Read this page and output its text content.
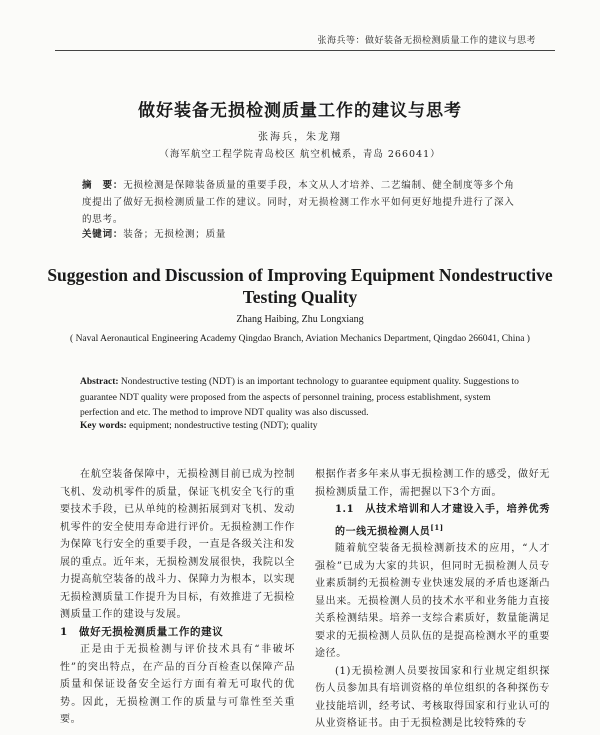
张海兵等：做好装备无损检测质量工作的建议与思考
做好装备无损检测质量工作的建议与思考
张海兵，朱龙翔
（海军航空工程学院青岛校区 航空机械系，青岛 266041）
摘　要：无损检测是保障装备质量的重要手段，本文从人才培养、二艺编制、健全制度等多个角度提出了做好无损检测质量工作的建议。同时，对无损检测工作水平如何更好地提升进行了深入的思考。
关键词：装备；无损检测；质量
Suggestion and Discussion of Improving Equipment Nondestructive Testing Quality
Zhang Haibing, Zhu Longxiang
( Naval Aeronautical Engineering Academy Qingdao Branch, Aviation Mechanics Department, Qingdao 266041, China )
Abstract: Nondestructive testing (NDT) is an important technology to guarantee equipment quality. Suggestions to guarantee NDT quality were proposed from the aspects of personnel training, process establishment, system perfection and etc. The method to improve NDT quality was also discussed.
Key words: equipment; nondestructive testing (NDT); quality

在航空装备保障中，无损检测目前已成为控制飞机、发动机零件的质量，保证飞机安全飞行的重要技术手段，已从单纯的检测拓展到对飞机、发动机零件的安全使用寿命进行评价。无损检测工作作为保障飞行安全的重要手段，一直是各级关注和发展的重点。近年来，无损检测发展很快，我院以全力提高航空装备的战斗力、保障力为根本，以实现无损检测质量工作提升为目标，有效推进了无损检测质量工作的建设与发展。

1　做好无损检测质量工作的建议

正是由于无损检测与评价技术具有“非破坏性”的突出特点，在产品的百分百检查以保障产品质量和保证设备安全运行方面有着无可取代的优势。因此，无损检测工作的质量与可靠性至关重要。

根据作者多年来从事无损检测工作的感受，做好无损检测质量工作，需把握以下3个方面。

1.1　从技术培训和人才建设入手，培养优秀的一线无损检测人员[1]

随着航空装备无损检测新技术的应用，“人才强检”已成为大家的共识，但同时无损检测人员专业素质制约无损检测专业快速发展的矛盾也逐渐凸显出来。无损检测人员的技术水平和业务能力直接关系检测结果。培养一支综合素质好，数量能满足要求的无损检测人员队伍的是提高检测水平的重要途径。

(1)无损检测人员要按国家和行业规定组织探伤人员参加具有培训资格的单位组织的各种探伤专业技能培训，经考试、考核取得国家和行业认可的从业资格证书。由于无损检测是比较特殊的专
